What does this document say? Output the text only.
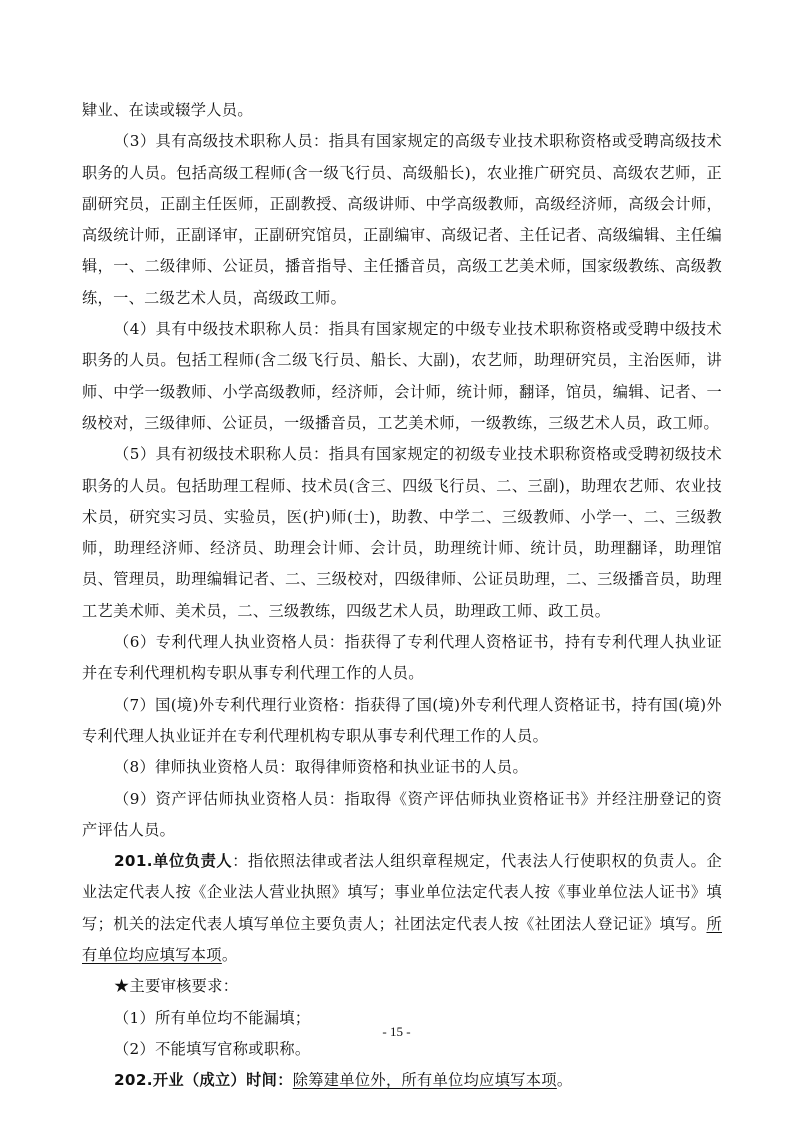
肄业、在读或辍学人员。

（3）具有高级技术职称人员：指具有国家规定的高级专业技术职称资格或受聘高级技术职务的人员。包括高级工程师(含一级飞行员、高级船长)，农业推广研究员、高级农艺师，正副研究员，正副主任医师，正副教授、高级讲师、中学高级教师，高级经济师，高级会计师，高级统计师，正副译审，正副研究馆员，正副编审、高级记者、主任记者、高级编辑、主任编辑，一、二级律师、公证员，播音指导、主任播音员，高级工艺美术师，国家级教练、高级教练，一、二级艺术人员，高级政工师。

（4）具有中级技术职称人员：指具有国家规定的中级专业技术职称资格或受聘中级技术职务的人员。包括工程师(含二级飞行员、船长、大副)，农艺师，助理研究员，主治医师，讲师、中学一级教师、小学高级教师，经济师，会计师，统计师，翻译，馆员，编辑、记者、一级校对，三级律师、公证员，一级播音员，工艺美术师，一级教练，三级艺术人员，政工师。

（5）具有初级技术职称人员：指具有国家规定的初级专业技术职称资格或受聘初级技术职务的人员。包括助理工程师、技术员(含三、四级飞行员、二、三副)，助理农艺师、农业技术员，研究实习员、实验员，医(护)师(士)，助教、中学二、三级教师、小学一、二、三级教师，助理经济师、经济员、助理会计师、会计员，助理统计师、统计员，助理翻译，助理馆员、管理员，助理编辑记者、二、三级校对，四级律师、公证员助理，二、三级播音员，助理工艺美术师、美术员，二、三级教练，四级艺术人员，助理政工师、政工员。

（6）专利代理人执业资格人员：指获得了专利代理人资格证书，持有专利代理人执业证并在专利代理机构专职从事专利代理工作的人员。

（7）国(境)外专利代理行业资格：指获得了国(境)外专利代理人资格证书，持有国(境)外专利代理人执业证并在专利代理机构专职从事专利代理工作的人员。

（8）律师执业资格人员：取得律师资格和执业证书的人员。

（9）资产评估师执业资格人员：指取得《资产评估师执业资格证书》并经注册登记的资产评估人员。

201.单位负责人：指依照法律或者法人组织章程规定，代表法人行使职权的负责人。企业法定代表人按《企业法人营业执照》填写；事业单位法定代表人按《事业单位法人证书》填写；机关的法定代表人填写单位主要负责人；社团法定代表人按《社团法人登记证》填写。所有单位均应填写本项。

★主要审核要求：

（1）所有单位均不能漏填；

（2）不能填写官称或职称。

202.开业（成立）时间：除筹建单位外，所有单位均应填写本项。

- 15 -
